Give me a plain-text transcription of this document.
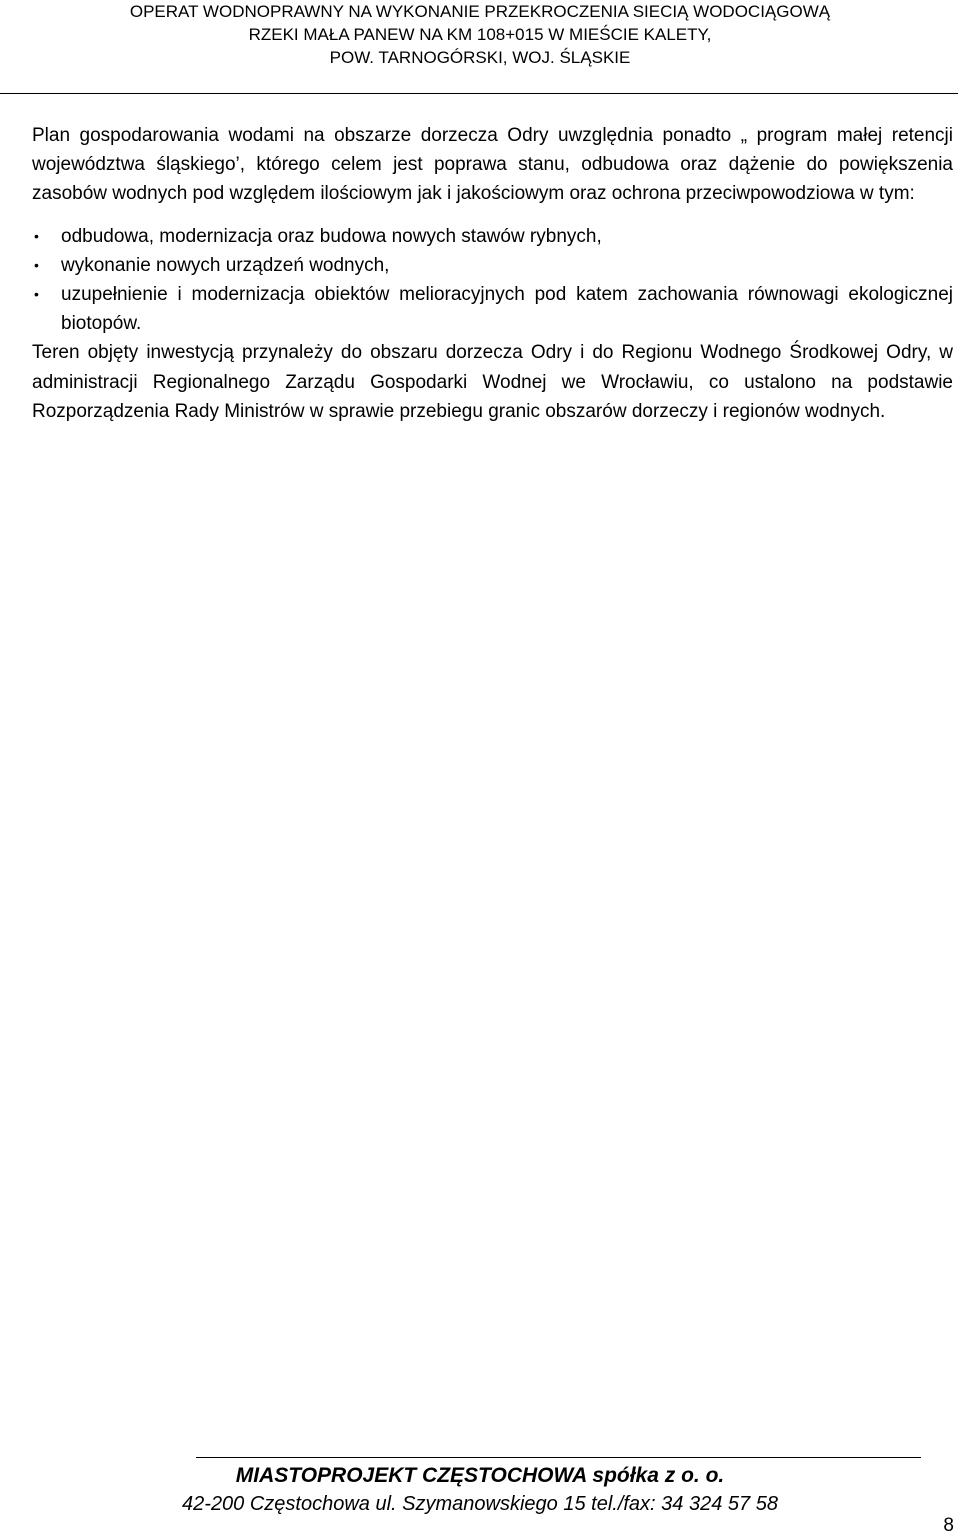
OPERAT WODNOPRAWNY NA WYKONANIE PRZEKROCZENIA SIECIĄ WODOCIĄGOWĄ
RZEKI MAŁA PANEW NA KM 108+015 W MIEŚCIE KALETY,
POW. TARNOGÓRSKI, WOJ. ŚLĄSKIE

Plan gospodarowania wodami na obszarze dorzecza Odry uwzględnia ponadto „ program małej retencji województwa śląskiego’, którego celem jest poprawa stanu, odbudowa oraz dążenie do powiększenia zasobów wodnych pod względem ilościowym jak i jakościowym oraz ochrona przeciwpowodziowa w tym:

• odbudowa, modernizacja oraz budowa nowych stawów rybnych,
• wykonanie nowych urządzeń wodnych,
• uzupełnienie i modernizacja obiektów melioracyjnych pod katem zachowania równowagi ekologicznej biotopów.

Teren objęty inwestycją przynależy do obszaru dorzecza Odry i do Regionu Wodnego Środkowej Odry, w administracji Regionalnego Zarządu Gospodarki Wodnej we Wrocławiu, co ustalono na podstawie Rozporządzenia Rady Ministrów w sprawie przebiegu granic obszarów dorzeczy i regionów wodnych.

MIASTOPROJEKT CZĘSTOCHOWA spółka z o. o.
42-200 Częstochowa ul. Szymanowskiego 15 tel./fax: 34 324 57 58
8
